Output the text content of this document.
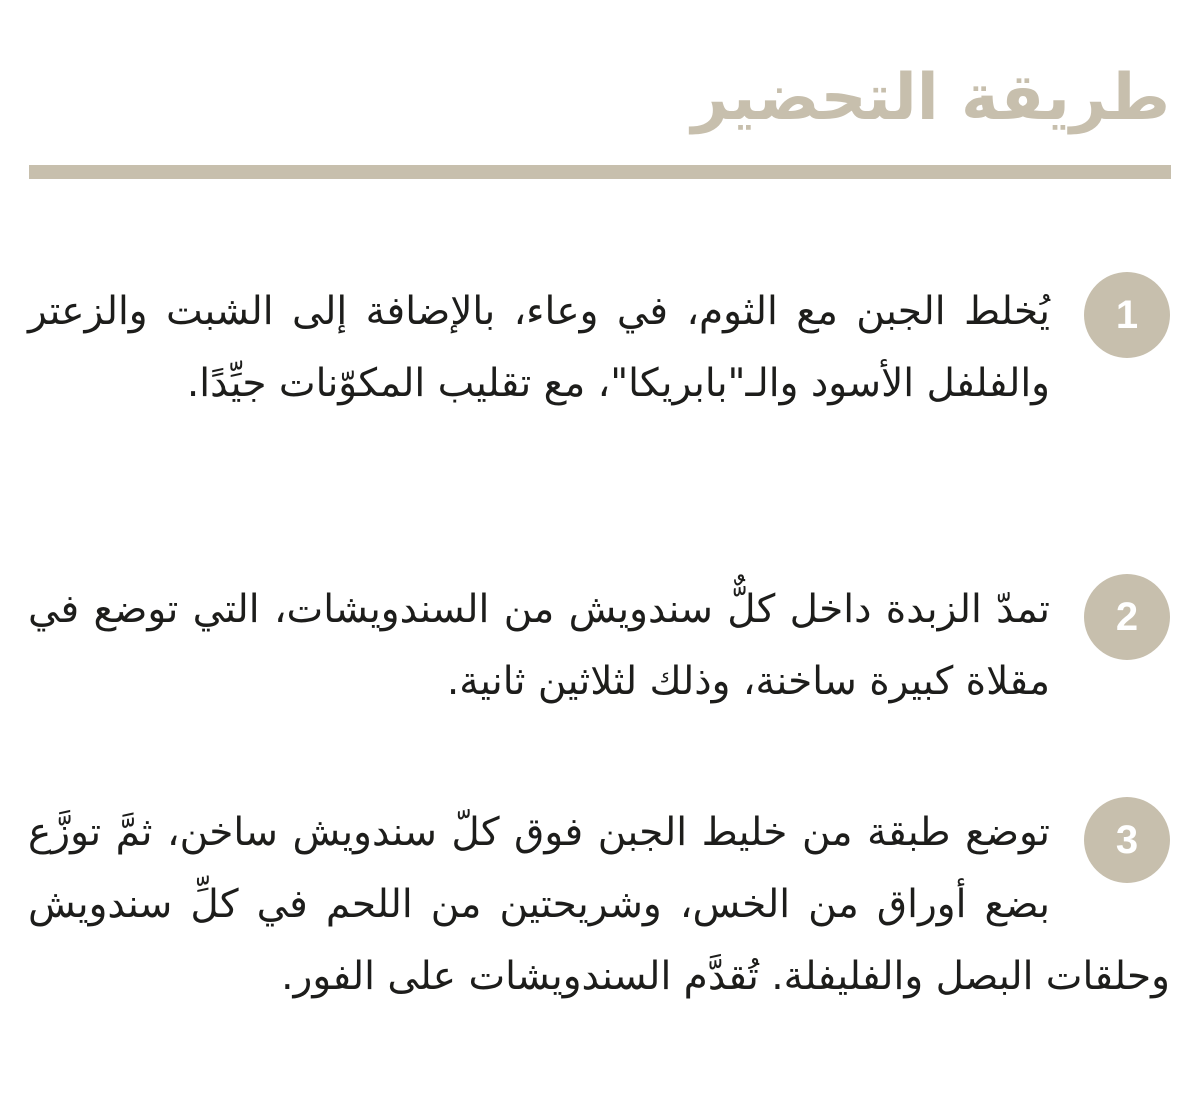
طريقة التحضير
1

يُخلط الجبن مع الثوم، في وعاء، بالإضافة إلى الشبت والزعتر والفلفل الأسود والـ"بابريكا"، مع تقليب المكوّنات جيِّدًا.

2

تمدّ الزبدة داخل كلٌّ سندويش من السندويشات، التي توضع في مقلاة كبيرة ساخنة، وذلك لثلاثين ثانية.

3

توضع طبقة من خليط الجبن فوق كلّ سندويش ساخن، ثمَّ توزَّع بضع أوراق من الخس، وشريحتين من اللحم في كلِّ سندويش وحلقات البصل والفليفلة. تُقدَّم السندويشات على الفور.
